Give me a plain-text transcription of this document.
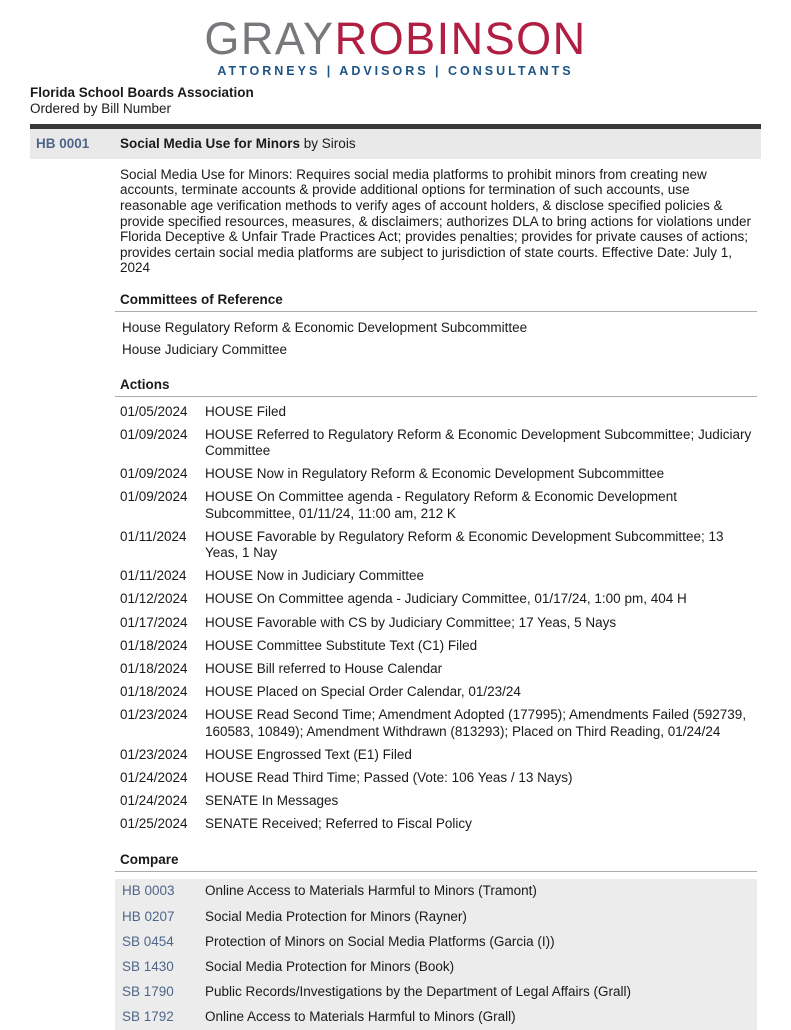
GRAYROBINSON
ATTORNEYS | ADVISORS | CONSULTANTS
Florida School Boards Association
Ordered by Bill Number
HB 0001	Social Media Use for Minors by Sirois

Social Media Use for Minors: Requires social media platforms to prohibit minors from creating new accounts, terminate accounts & provide additional options for termination of such accounts, use reasonable age verification methods to verify ages of account holders, & disclose specified policies & provide specified resources, measures, & disclaimers; authorizes DLA to bring actions for violations under Florida Deceptive & Unfair Trade Practices Act; provides penalties; provides for private causes of actions; provides certain social media platforms are subject to jurisdiction of state courts. Effective Date: July 1, 2024

Committees of Reference
House Regulatory Reform & Economic Development Subcommittee
House Judiciary Committee
Actions
01/05/2024	HOUSE Filed
01/09/2024	HOUSE Referred to Regulatory Reform & Economic Development Subcommittee; Judiciary Committee
01/09/2024	HOUSE Now in Regulatory Reform & Economic Development Subcommittee
01/09/2024	HOUSE On Committee agenda - Regulatory Reform & Economic Development Subcommittee, 01/11/24, 11:00 am, 212 K
01/11/2024	HOUSE Favorable by Regulatory Reform & Economic Development Subcommittee; 13 Yeas, 1 Nay
01/11/2024	HOUSE Now in Judiciary Committee
01/12/2024	HOUSE On Committee agenda - Judiciary Committee, 01/17/24, 1:00 pm, 404 H
01/17/2024	HOUSE Favorable with CS by Judiciary Committee; 17 Yeas, 5 Nays
01/18/2024	HOUSE Committee Substitute Text (C1) Filed
01/18/2024	HOUSE Bill referred to House Calendar
01/18/2024	HOUSE Placed on Special Order Calendar, 01/23/24
01/23/2024	HOUSE Read Second Time; Amendment Adopted (177995); Amendments Failed (592739, 160583, 10849); Amendment Withdrawn (813293); Placed on Third Reading, 01/24/24
01/23/2024	HOUSE Engrossed Text (E1) Filed
01/24/2024	HOUSE Read Third Time; Passed (Vote: 106 Yeas / 13 Nays)
01/24/2024	SENATE In Messages
01/25/2024	SENATE Received; Referred to Fiscal Policy
Compare
HB 0003	Online Access to Materials Harmful to Minors (Tramont)
HB 0207	Social Media Protection for Minors (Rayner)
SB 0454	Protection of Minors on Social Media Platforms (Garcia (I))
SB 1430	Social Media Protection for Minors (Book)
SB 1790	Public Records/Investigations by the Department of Legal Affairs (Grall)
SB 1792	Online Access to Materials Harmful to Minors (Grall)
